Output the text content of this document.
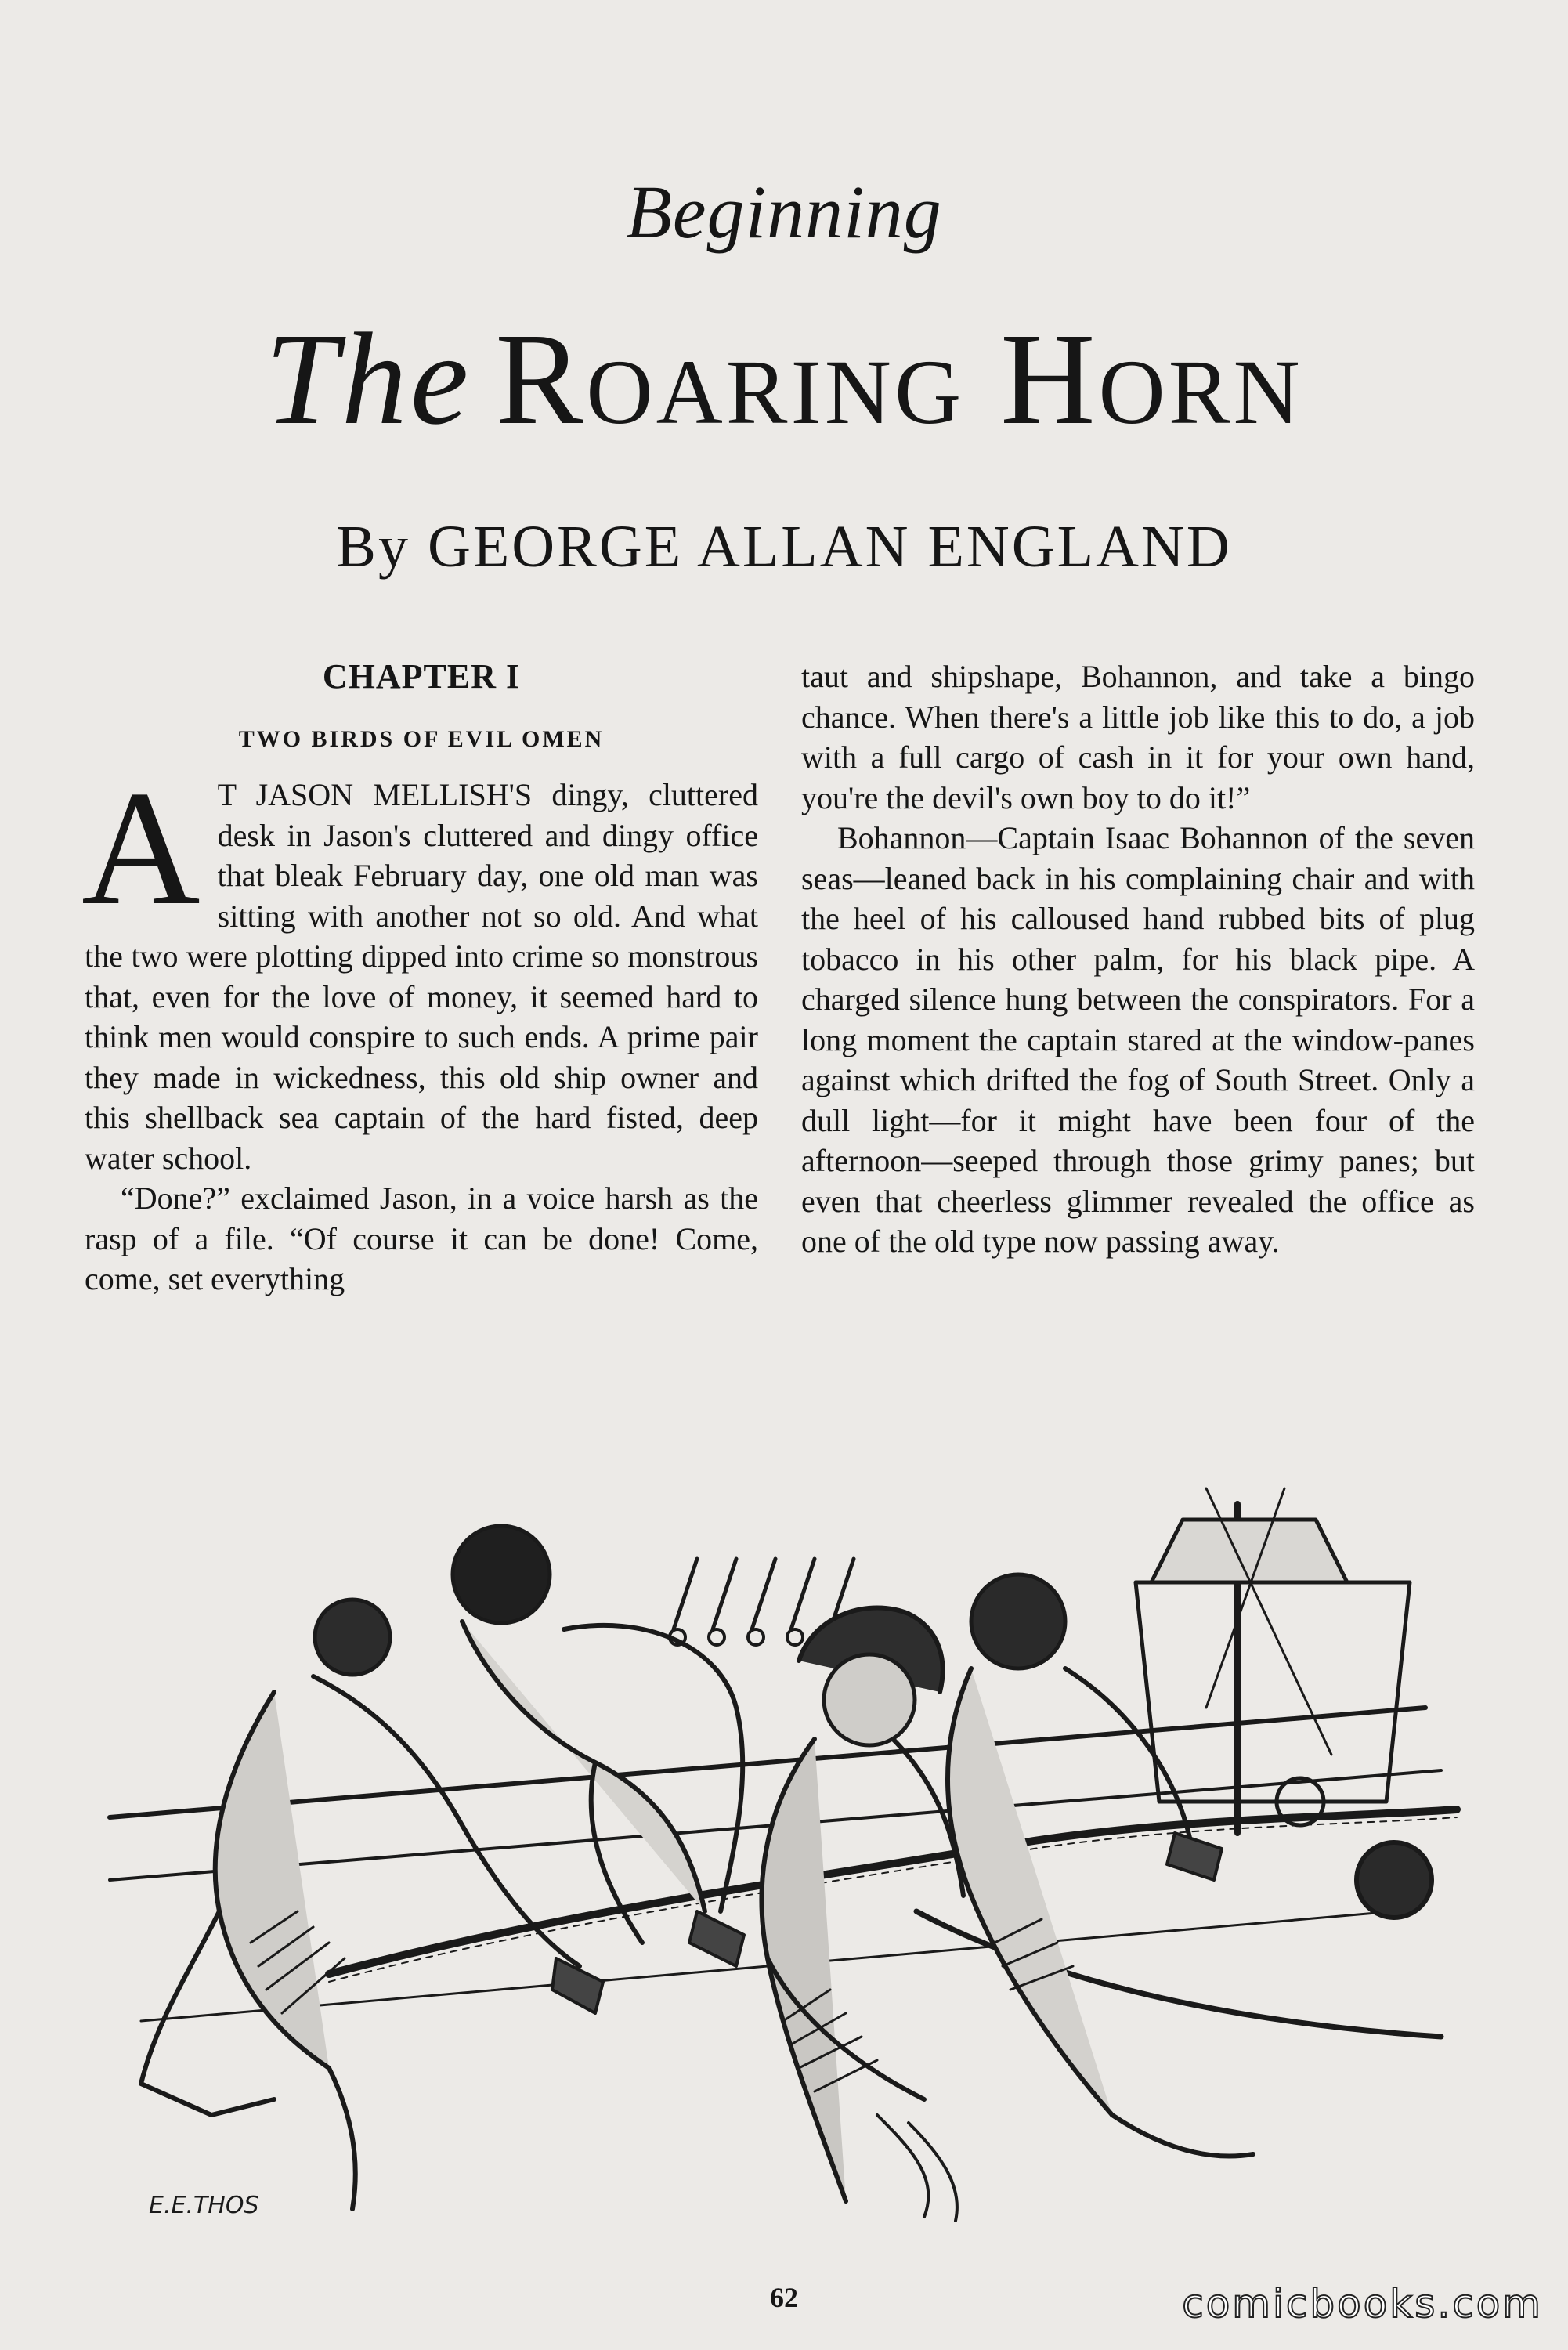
Beginning
The Roaring Horn
By GEORGE ALLAN ENGLAND
CHAPTER I
TWO BIRDS OF EVIL OMEN

A T JASON MELLISH'S dingy, cluttered desk in Jason's cluttered and dingy office that bleak February day, one old man was sitting with another not so old. And what the two were plotting dipped into crime so monstrous that, even for the love of money, it seemed hard to think men would conspire to such ends. A prime pair they made in wickedness, this old ship owner and this shellback sea captain of the hard fisted, deep water school.

“Done?” exclaimed Jason, in a voice harsh as the rasp of a file. “Of course it can be done! Come, come, set everything

taut and shipshape, Bohannon, and take a bingo chance. When there's a little job like this to do, a job with a full cargo of cash in it for your own hand, you're the devil's own boy to do it!”

Bohannon—Captain Isaac Bohannon of the seven seas—leaned back in his complaining chair and with the heel of his calloused hand rubbed bits of plug tobacco in his other palm, for his black pipe. A charged silence hung between the conspirators. For a long moment the captain stared at the window-panes against which drifted the fog of South Street. Only a dull light—for it might have been four of the afternoon—seeped through those grimy panes; but even that cheerless glimmer revealed the office as one of the old type now passing away.

E.E.THOS
62	comicbooks.com
